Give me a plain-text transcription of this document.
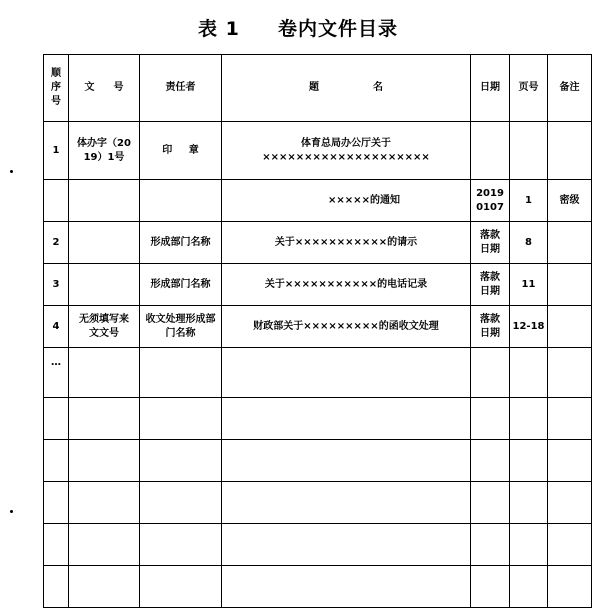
表 1     卷内文件目录
顺
序
号	文 号	责任者	题 名	日期	页号	备注
1	体办字（2019）1号	印 章	体育总局办公厅关于××××××××××××××××××××			
			×××××的通知	20190107	1	密级
2		形成部门名称	关于×××××××××××的请示	落款日期	8	
3		形成部门名称	关于×××××××××××的电话记录	落款日期	11	
4	无须填写来文文号	收文处理形成部门名称	财政部关于×××××××××的函收文处理	落款日期	12-18	
…						
